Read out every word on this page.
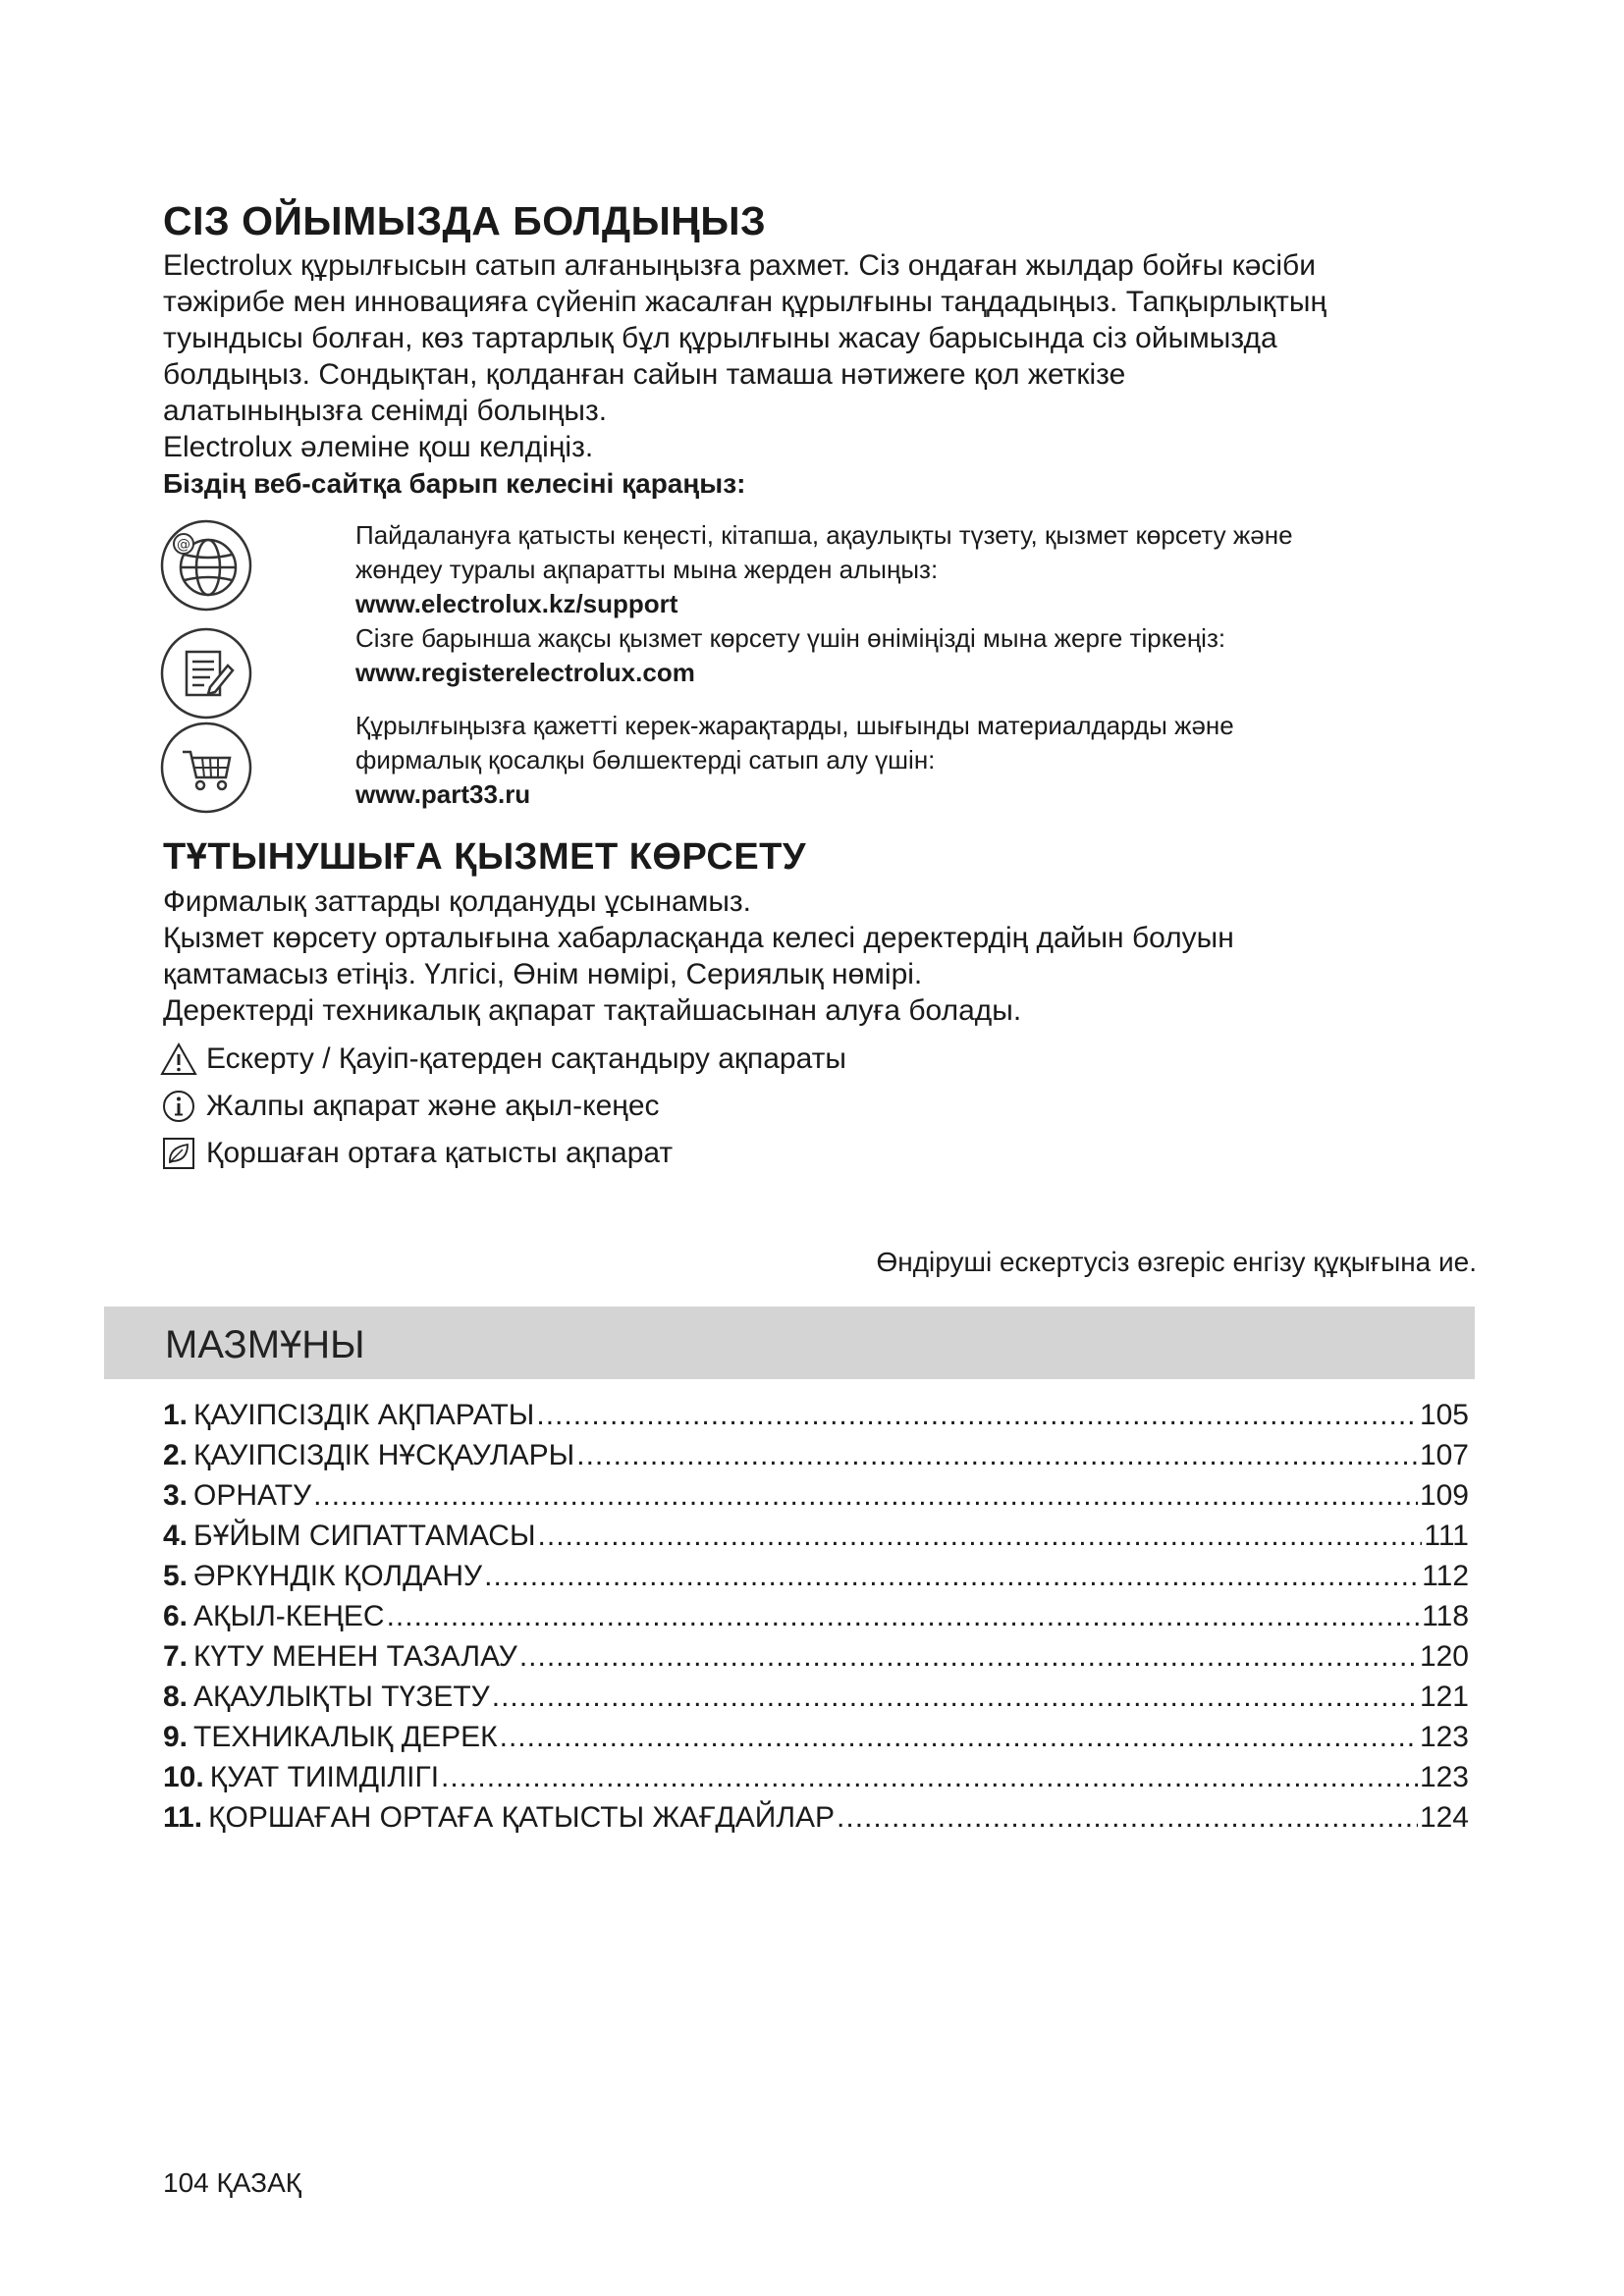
СІЗ ОЙЫМЫЗДА БОЛДЫҢЫЗ

Electrolux құрылғысын сатып алғаныңызға рахмет. Сіз ондаған жылдар бойғы кәсіби

тәжірибе мен инновацияға сүйеніп жасалған құрылғыны таңдадыңыз. Тапқырлықтың

туындысы болған, көз тартарлық бұл құрылғыны жасау барысында сіз ойымызда

болдыңыз. Сондықтан, қолданған сайын тамаша нәтижеге қол жеткізе

алатыныңызға сенімді болыңыз.

Electrolux әлеміне қош келдіңіз.

Біздің веб-сайтқа барып келесіні қараңыз:

@	Пайдалануға қатысты кеңесті, кітапша, ақаулықты түзету, қызмет көрсету және
жөндеу туралы ақпаратты мына жерден алыңыз:
www.electrolux.kz/support
Сізге барынша жақсы қызмет көрсету үшін өніміңізді мына жерге тіркеңіз:
www.registerelectrolux.com
Құрылғыңызға қажетті керек-жарақтарды, шығынды материалдарды және
фирмалық қосалқы бөлшектерді сатып алу үшін:
www.part33.ru
ТҰТЫНУШЫҒА ҚЫЗМЕТ КӨРСЕТУ

Фирмалық заттарды қолдануды ұсынамыз.

Қызмет көрсету орталығына хабарласқанда келесі деректердің дайын болуын

қамтамасыз етіңіз. Үлгісі, Өнім нөмірі, Сериялық нөмірі.

Деректерді техникалық ақпарат тақтайшасынан алуға болады.

Ескерту / Қауіп-қатерден сақтандыру ақпараты
Жалпы ақпарат және ақыл-кеңес
Қоршаған ортаға қатысты ақпарат
Өндіруші ескертусіз өзгеріс енгізу құқығына ие.
МАЗМҰНЫ
1. ҚАУІПСІЗДІК АҚПАРАТЫ .....	105
2. ҚАУІПСІЗДІК НҰСҚАУЛАРЫ .....	107
3. ОРНАТУ .....	109
4. БҰЙЫМ СИПАТТАМАСЫ .....	111
5. ӘРКҮНДІК ҚОЛДАНУ .....	112
6. АҚЫЛ-КЕҢЕС .....	118
7. КҮТУ МЕНЕН ТАЗАЛАУ .....	120
8. АҚАУЛЫҚТЫ ТҮЗЕТУ .....	121
9. ТЕХНИКАЛЫҚ ДЕРЕК .....	123
10. ҚУАТ ТИІМДІЛІГІ .....	123
11. ҚОРШАҒАН ОРТАҒА ҚАТЫСТЫ ЖАҒДАЙЛАР .....	124
104 ҚАЗАҚ
